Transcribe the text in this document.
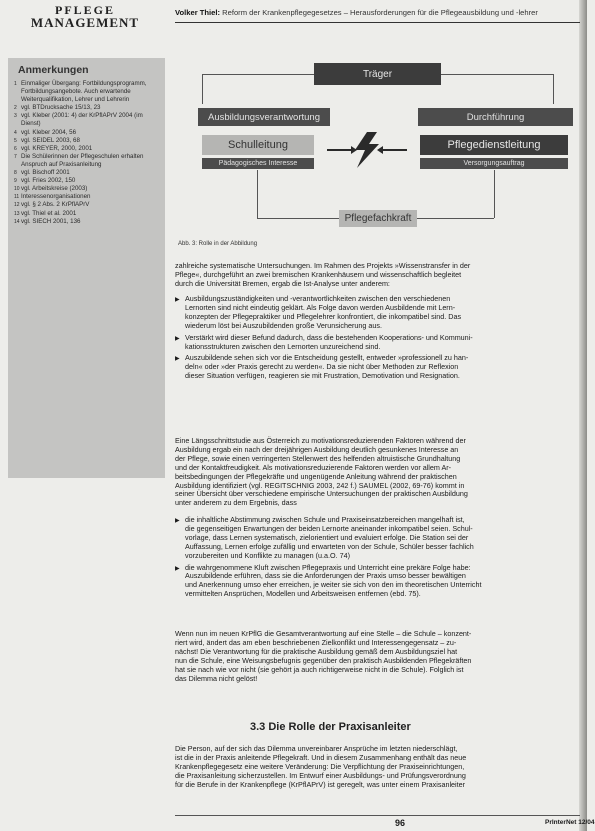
PFLEGE
MANAGEMENT
Volker Thiel: Reform der Krankenpflegegesetzes – Herausforderungen für die Pflegeausbildung und -lehrer
Anmerkungen
1 Einmaliger Übergang: Fortbildungsprogramm, Fortbildungsangebote. Auch erwartende Weiterqualifikation, Lehrer und Lehrerin
2 vgl. BTDrucksache 15/13, 23
3 vgl. Kleber (2001: 4) der KrPflAPrV 2004 (im Dienst)
4 vgl. Kleber 2004, 56
5 vgl. SEIDEL 2003, 68
6 vgl. KREYER, 2000, 2001
7 Die Schülerinnen der Pflegeschulen erhalten Anspruch auf Praxisanleitung
8 vgl. Bischoff 2001
9 vgl. Fries 2002, 150
10 vgl. Arbeitskreise (2003)
11 Interessenorganisationen
12 vgl. § 2 Abs. 2 KrPflAPrV
13 vgl. Thiel et al. 2001
14 vgl. SIECH 2001, 136
Träger
Ausbildungsverantwortung	Durchführung
Schulleitung	Pflegedienstleitung
Pädagogisches Interesse	Versorgungsauftrag
Pflegefachkraft
Abb. 3: Rolle in der Abbildung
zahlreiche systematische Untersuchungen. Im Rahmen des Projekts »Wissenstransfer in der
Pflege«, durchgeführt an zwei bremischen Krankenhäusern und wissenschaftlich begleitet
durch die Universität Bremen, ergab die Ist-Analyse unter anderem:
▶ Ausbildungszuständigkeiten und -verantwortlichkeiten zwischen den verschiedenen
Lernorten sind nicht eindeutig geklärt. Als Folge davon werden Ausbildende mit Lern-
konzepten der Pflegepraktiker und Pflegelehrer konfrontiert, die inkompatibel sind. Das
wiederum löst bei Auszubildenden große Verunsicherung aus.
▶ Verstärkt wird dieser Befund dadurch, dass die bestehenden Kooperations- und Kommuni-
kationsstrukturen zwischen den Lernorten unzureichend sind.
▶ Auszubildende sehen sich vor die Entscheidung gestellt, entweder »professionell zu han-
deln« oder »der Praxis gerecht zu werden«. Da sie nicht über Methoden zur Reflexion
dieser Situation verfügen, reagieren sie mit Frustration, Demotivation und Resignation.
Eine Längsschnittstudie aus Österreich zu motivationsreduzierenden Faktoren während der
Ausbildung ergab ein nach der dreijährigen Ausbildung deutlich gesunkenes Interesse an
der Pflege, sowie einen verringerten Stellenwert des helfenden altruistische Grundhaltung
und der Kontaktfreudigkeit. Als motivationsreduzierende Faktoren werden vor allem Ar-
beitsbedingungen der Pflegekräfte und ungenügende Anleitung während der praktischen
Ausbildung identifiziert (vgl. REGITSCHNIG 2003, 242 f.) SAUMEL (2002, 69-76) kommt in
seiner Übersicht über verschiedene empirische Untersuchungen der praktischen Ausbildung
unter anderem zu dem Ergebnis, dass
▶ die inhaltliche Abstimmung zwischen Schule und Praxiseinsatzbereichen mangelhaft ist,
die gegenseitigen Erwartungen der beiden Lernorte aneinander inkompatibel seien. Schul-
vorlage, dass Lernen systematisch, zielorientiert und evaluiert erfolge. Die Station sei der
Auffassung, Lernen erfolge zufällig und erwarteten von der Schule, Schüler besser fachlich
vorzubereiten und Konflikte zu managen (u.a.O. 74)
▶ die wahrgenommene Kluft zwischen Pflegepraxis und Unterricht eine prekäre Folge habe:
Auszubildende erführen, dass sie die Anforderungen der Praxis umso besser bewältigen
und Anerkennung umso eher erreichen, je weiter sie sich von den im theoretischen Unterricht
vermittelten Ansprüchen, Modellen und Arbeitsweisen entfernen (ebd. 75).
Wenn nun im neuen KrPflG die Gesamtverantwortung auf eine Stelle – die Schule – konzent-
riert wird, ändert das am eben beschriebenen Zielkonflikt und Interessengegensatz – zu-
nächst! Die Verantwortung für die praktische Ausbildung gemäß dem Ausbildungsziel hat
nun die Schule, eine Weisungsbefugnis gegenüber den praktisch Ausbildenden Pflegekräften
hat sie nach wie vor nicht (sie gehört ja auch richtigerweise nicht in die Schule). Folglich ist
das Dilemma nicht gelöst!
3.3 Die Rolle der Praxisanleiter
Die Person, auf der sich das Dilemma unvereinbarer Ansprüche im letzten niederschlägt,
ist die in der Praxis anleitende Pflegekraft. Und in diesem Zusammenhang enthält das neue
Krankenpflegegesetz eine weitere Veränderung: Die Verpflichtung der Praxiseinrichtungen,
die Praxisanleitung sicherzustellen. Im Entwurf einer Ausbildungs- und Prüfungsverordnung
für die Berufe in der Krankenpflege (KrPflAPrV) ist geregelt, was unter einem Praxisanleiter
96	PrInterNet 12/04
